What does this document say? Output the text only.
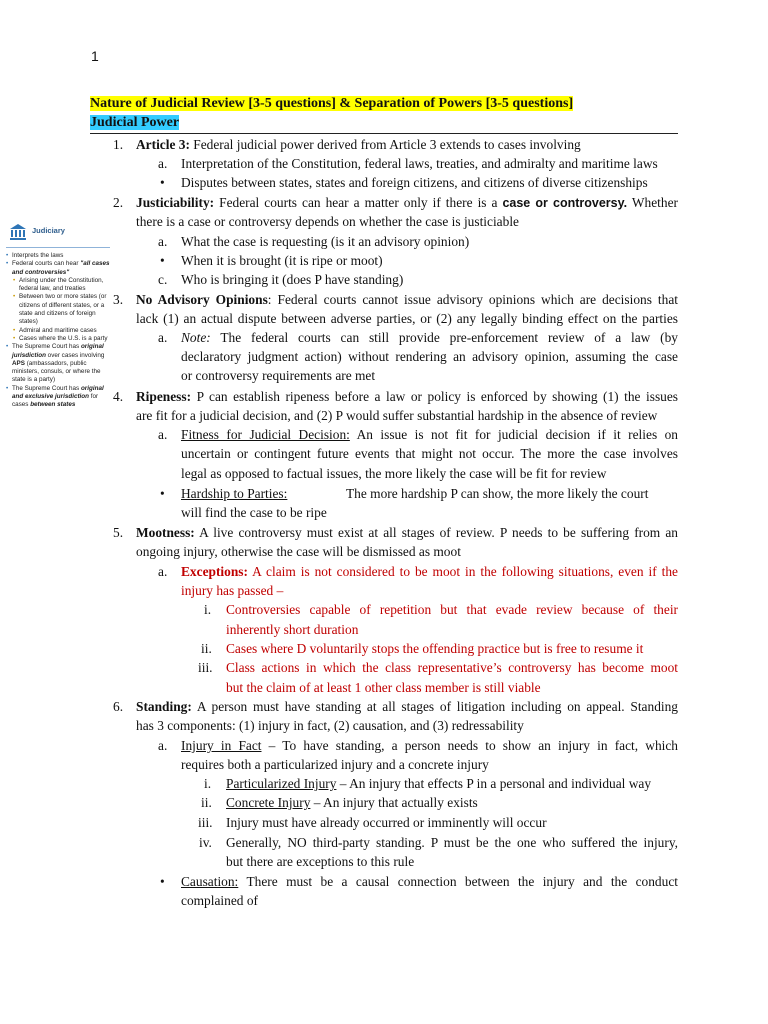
1
Nature of Judicial Review [3-5 questions] & Separation of Powers [3-5 questions]
Judicial Power
Judiciary
• Interprets the laws
• Federal courts can hear "all cases and controversies"
• Arising under the Constitution, federal law, and treaties
• Between two or more states (or citizens of different states, or a state and citizens of foreign states)
• Admiral and maritime cases
• Cases where the U.S. is a party
• The Supreme Court has original jurisdiction over cases involving APS (ambassadors, public ministers, consuls, or where the state is a party)
• The Supreme Court has original and exclusive jurisdiction for cases between states
1. Article 3: Federal judicial power derived from Article 3 extends to cases involving
a. Interpretation of the Constitution, federal laws, treaties, and admiralty and maritime laws
• Disputes between states, states and foreign citizens, and citizens of diverse citizenships
2. Justiciability: Federal courts can hear a matter only if there is a case or controversy. Whether
there is a case or controversy depends on whether the case is justiciable
a. What the case is requesting (is it an advisory opinion)
• When it is brought (it is ripe or moot)
c. Who is bringing it (does P have standing)
3. No Advisory Opinions: Federal courts cannot issue advisory opinions which are decisions that
lack (1) an actual dispute between adverse parties, or (2) any legally binding effect on the parties
a. Note: The federal courts can still provide pre-enforcement review of a law (by
declaratory judgment action) without rendering an advisory opinion, assuming the case
or controversy requirements are met
4. Ripeness: P can establish ripeness before a law or policy is enforced by showing (1) the issues
are fit for a judicial decision, and (2) P would suffer substantial hardship in the absence of review
a. Fitness for Judicial Decision: An issue is not fit for judicial decision if it relies on
uncertain or contingent future events that might not occur. The more the case involves
legal as opposed to factual issues, the more likely the case will be fit for review
• Hardship to Parties:	The more hardship P can show, the more likely the court
will find the case to be ripe
5. Mootness: A live controversy must exist at all stages of review. P needs to be suffering from an
ongoing injury, otherwise the case will be dismissed as moot
a. Exceptions: A claim is not considered to be moot in the following situations, even if the
injury has passed –
i. Controversies capable of repetition but that evade review because of their
inherently short duration
ii. Cases where D voluntarily stops the offending practice but is free to resume it
iii. Class actions in which the class representative’s controversy has become moot
but the claim of at least 1 other class member is still viable
6. Standing: A person must have standing at all stages of litigation including on appeal. Standing
has 3 components: (1) injury in fact, (2) causation, and (3) redressability
a. Injury in Fact – To have standing, a person needs to show an injury in fact, which
requires both a particularized injury and a concrete injury
i. Particularized Injury – An injury that effects P in a personal and individual way
ii. Concrete Injury – An injury that actually exists
iii. Injury must have already occurred or imminently will occur
iv. Generally, NO third-party standing. P must be the one who suffered the injury,
but there are exceptions to this rule
• Causation: There must be a causal connection between the injury and the conduct
complained of
